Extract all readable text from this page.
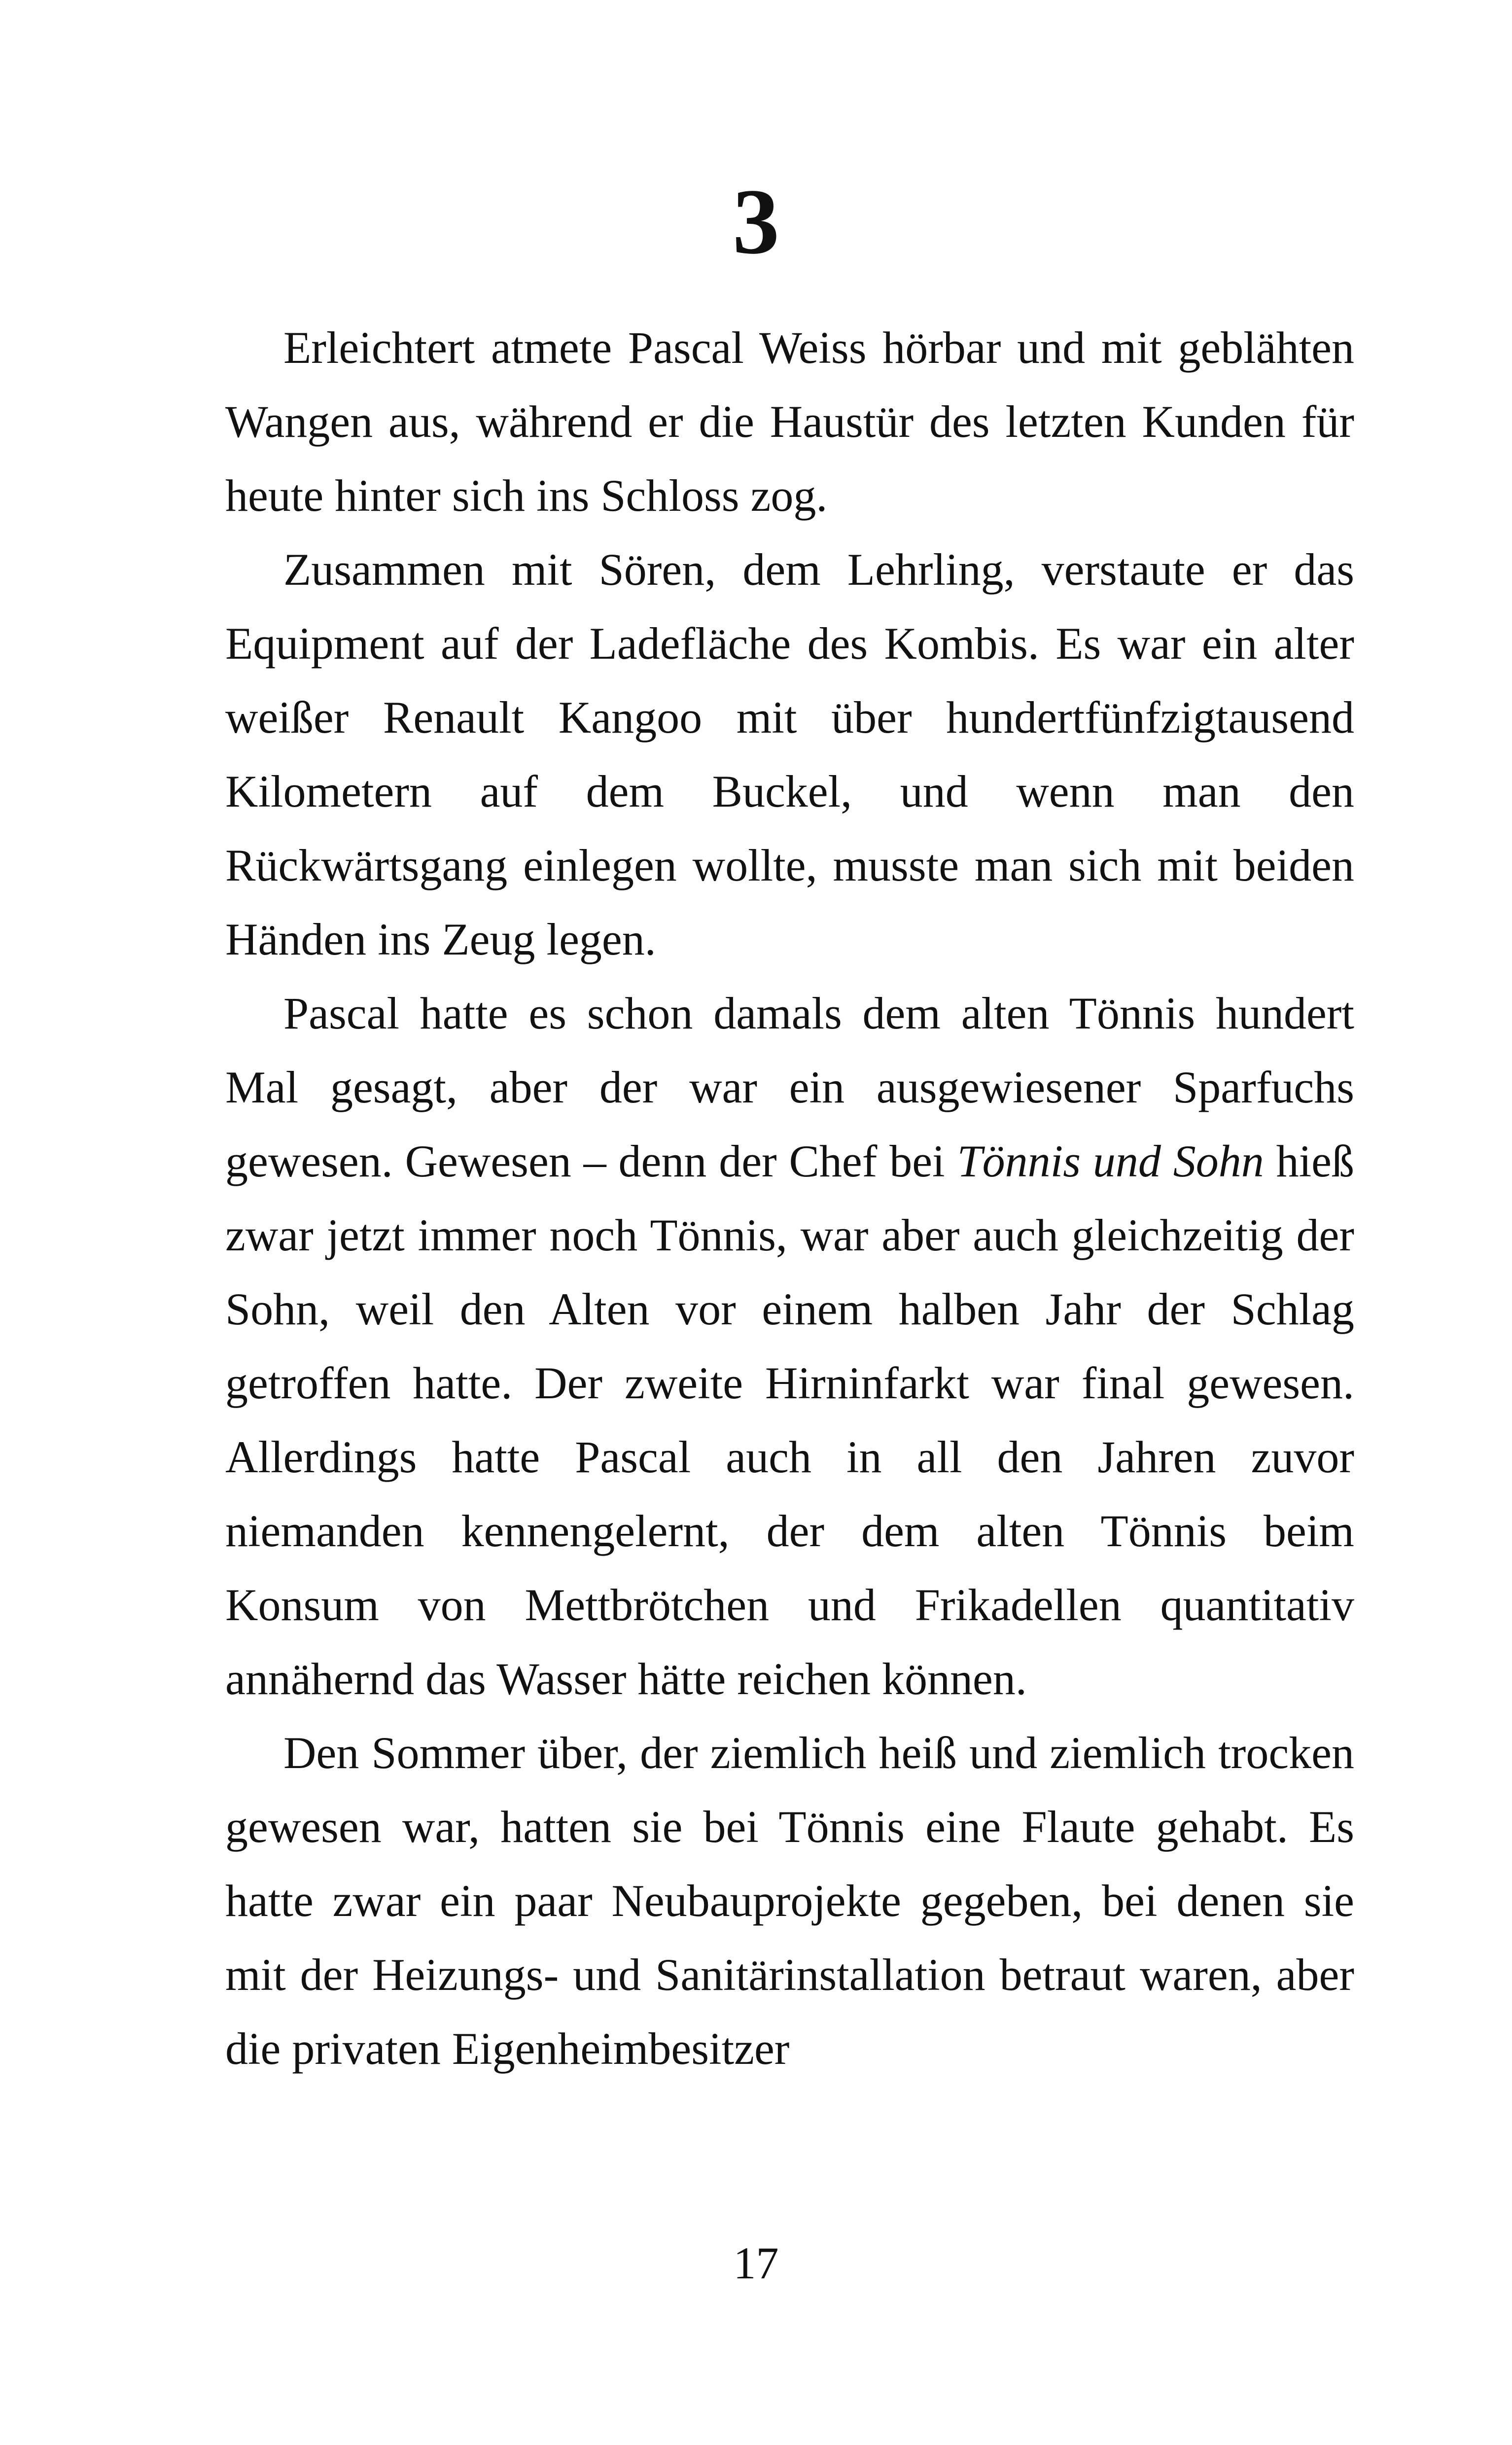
3

Erleichtert atmete Pascal Weiss hörbar und mit geblähten Wangen aus, während er die Haustür des letzten Kunden für heute hinter sich ins Schloss zog.

Zusammen mit Sören, dem Lehrling, verstaute er das Equipment auf der Ladefläche des Kombis. Es war ein alter weißer Renault Kangoo mit über hundertfünfzigtausend Kilometern auf dem Buckel, und wenn man den Rückwärtsgang einlegen wollte, musste man sich mit beiden Händen ins Zeug legen.

Pascal hatte es schon damals dem alten Tönnis hundert Mal gesagt, aber der war ein ausgewiesener Sparfuchs gewesen. Gewesen – denn der Chef bei Tönnis und Sohn hieß zwar jetzt immer noch Tönnis, war aber auch gleichzeitig der Sohn, weil den Alten vor einem halben Jahr der Schlag getroffen hatte. Der zweite Hirninfarkt war final gewesen. Allerdings hatte Pascal auch in all den Jahren zuvor niemanden kennengelernt, der dem alten Tönnis beim Konsum von Mettbrötchen und Frikadellen quantitativ annähernd das Wasser hätte reichen können.

Den Sommer über, der ziemlich heiß und ziemlich trocken gewesen war, hatten sie bei Tönnis eine Flaute gehabt. Es hatte zwar ein paar Neubauprojekte gegeben, bei denen sie mit der Heizungs- und Sanitärinstallation betraut waren, aber die privaten Eigenheimbesitzer

17
